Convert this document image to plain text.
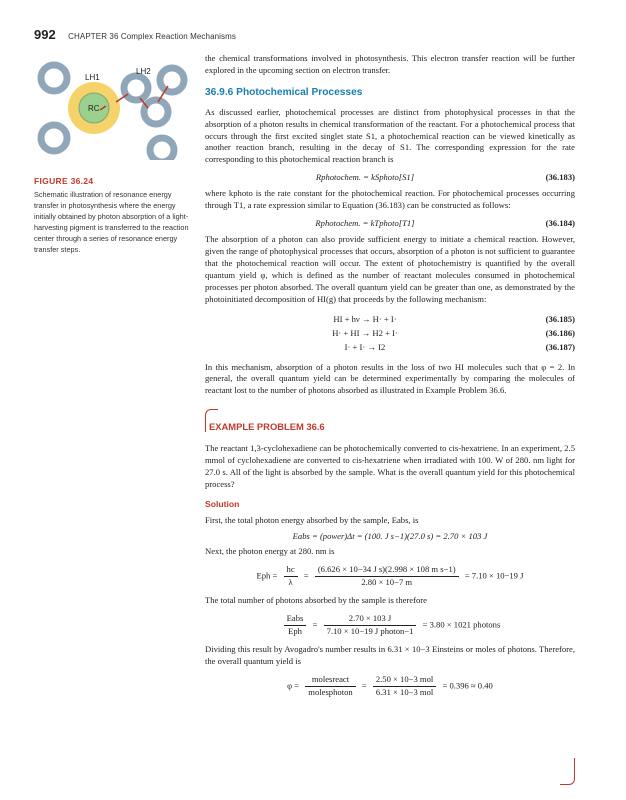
992 CHAPTER 36 Complex Reaction Mechanisms
LH1
LH2
RC
FIGURE 36.24
Schematic illustration of resonance energy transfer in photosynthesis where the energy initially obtained by photon absorption of a light-harvesting pigment is transferred to the reaction center through a series of resonance energy transfer steps.

the chemical transformations involved in photosynthesis. This electron transfer reaction will be further explored in the upcoming section on electron transfer.

36.9.6 Photochemical Processes

As discussed earlier, photochemical processes are distinct from photophysical processes in that the absorption of a photon results in chemical transformation of the reactant. For a photochemical process that occurs through the first excited singlet state S1, a photochemical reaction can be viewed kinetically as another reaction branch, resulting in the decay of S1. The corresponding expression for the rate corresponding to this photochemical reaction branch is

Rphotochem. = kSphoto[S1]	(36.183)

where kphoto is the rate constant for the photochemical reaction. For photochemical processes occurring through T1, a rate expression similar to Equation (36.183) can be constructed as follows:

Rphotochem. = kTphoto[T1]	(36.184)

The absorption of a photon can also provide sufficient energy to initiate a chemical reaction. However, given the range of photophysical processes that occurs, absorption of a photon is not sufficient to guarantee that the photochemical reaction will occur. The extent of photochemistry is quantified by the overall quantum yield φ, which is defined as the number of reactant molecules consumed in photochemical processes per photon absorbed. The overall quantum yield can be greater than one, as demonstrated by the photoinitiated decomposition of HI(g) that proceeds by the following mechanism:

HI + hν → H· + I·	(36.185)
H· + HI → H2 + I·	(36.186)
I· + I· → I2	(36.187)

In this mechanism, absorption of a photon results in the loss of two HI molecules such that φ = 2. In general, the overall quantum yield can be determined experimentally by comparing the molecules of reactant lost to the number of photons absorbed as illustrated in Example Problem 36.6.

EXAMPLE PROBLEM 36.6

The reactant 1,3-cyclohexadiene can be photochemically converted to cis-hexatriene. In an experiment, 2.5 mmol of cyclohexadiene are converted to cis-hexatriene when irradiated with 100. W of 280. nm light for 27.0 s. All of the light is absorbed by the sample. What is the overall quantum yield for this photochemical process?

Solution

First, the total photon energy absorbed by the sample, Eabs, is

Eabs = (power)Δt = (100. J s−1)(27.0 s) = 2.70 × 103 J

Next, the photon energy at 280. nm is

Eph = $\frac{hc}{\lambda} = \frac{\text{(6.626 × 10−34 J s)(2.998 × 108 m s−1)}}{2.80 \times 10-7 m} = 7.10 \times 10-19$ J

The total number of photons absorbed by the sample is therefore

$\frac{\text{Eabs}}{\text{Eph}} = \frac{2.70 \times 103 J}{\text{7.10 × 10−19 J photon−1}} = 3.80 \times 1021$ photons

Dividing this result by Avogadro's number results in 6.31 × 10−3 Einsteins or moles of photons. Therefore, the overall quantum yield is

$\varphi = \frac{\text{molesreact}}{\text{molesphoton}} = \frac{\text{2.50 × 10−3 mol}}{\text{6.31 × 10−3 mol}} = 0.396 \approx 0.40$
